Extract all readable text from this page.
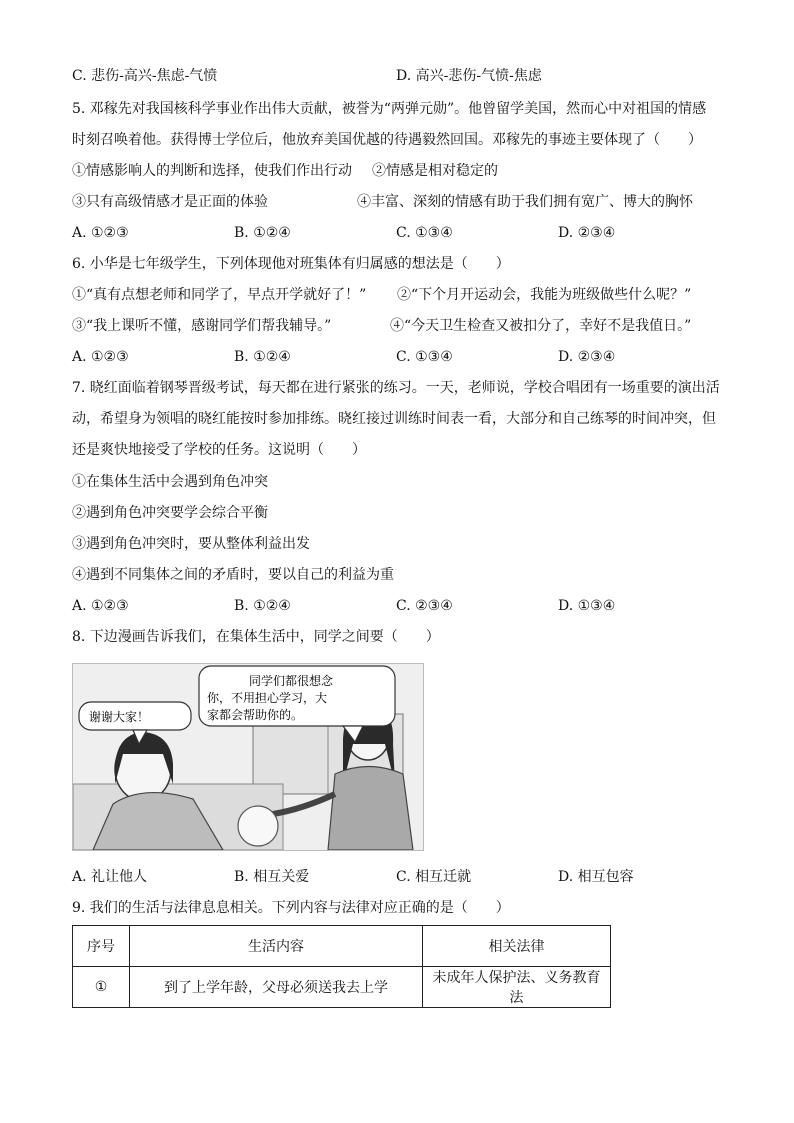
C. 悲伤-高兴-焦虑-气愤	D. 高兴-悲伤-气愤-焦虑
5. 邓稼先对我国核科学事业作出伟大贡献，被誉为“两弹元勋”。他曾留学美国，然而心中对祖国的情感
时刻召唤着他。获得博士学位后，他放弃美国优越的待遇毅然回国。邓稼先的事迹主要体现了（　　）
①情感影响人的判断和选择，使我们作出行动 ②情感是相对稳定的
③只有高级情感才是正面的体验	④丰富、深刻的情感有助于我们拥有宽广、博大的胸怀
A. ①②③	B. ①②④	C. ①③④	D. ②③④
6. 小华是七年级学生，下列体现他对班集体有归属感的想法是（　　）
①“真有点想老师和同学了，早点开学就好了！” ②“下个月开运动会，我能为班级做些什么呢？”
③“我上课听不懂，感谢同学们帮我辅导。”	④“今天卫生检查又被扣分了，幸好不是我值日。”
A. ①②③	B. ①②④	C. ①③④	D. ②③④
7. 晓红面临着钢琴晋级考试，每天都在进行紧张的练习。一天，老师说，学校合唱团有一场重要的演出活
动，希望身为领唱的晓红能按时参加排练。晓红接过训练时间表一看，大部分和自己练琴的时间冲突，但
还是爽快地接受了学校的任务。这说明（　　）
①在集体生活中会遇到角色冲突
②遇到角色冲突要学会综合平衡
③遇到角色冲突时，要从整体利益出发
④遇到不同集体之间的矛盾时，要以自己的利益为重
A. ①②③	B. ①②④	C. ②③④	D. ①③④
8. 下边漫画告诉我们，在集体生活中，同学之间要（　　）
谢谢大家！
同学们都很想念
你，不用担心学习，大
家都会帮助你的。
A. 礼让他人	B. 相互关爱	C. 相互迁就	D. 相互包容
9. 我们的生活与法律息息相关。下列内容与法律对应正确的是（　　）
序号	生活内容	相关法律
①	到了上学年龄，父母必须送我去上学	未成年人保护法、义务教育法
